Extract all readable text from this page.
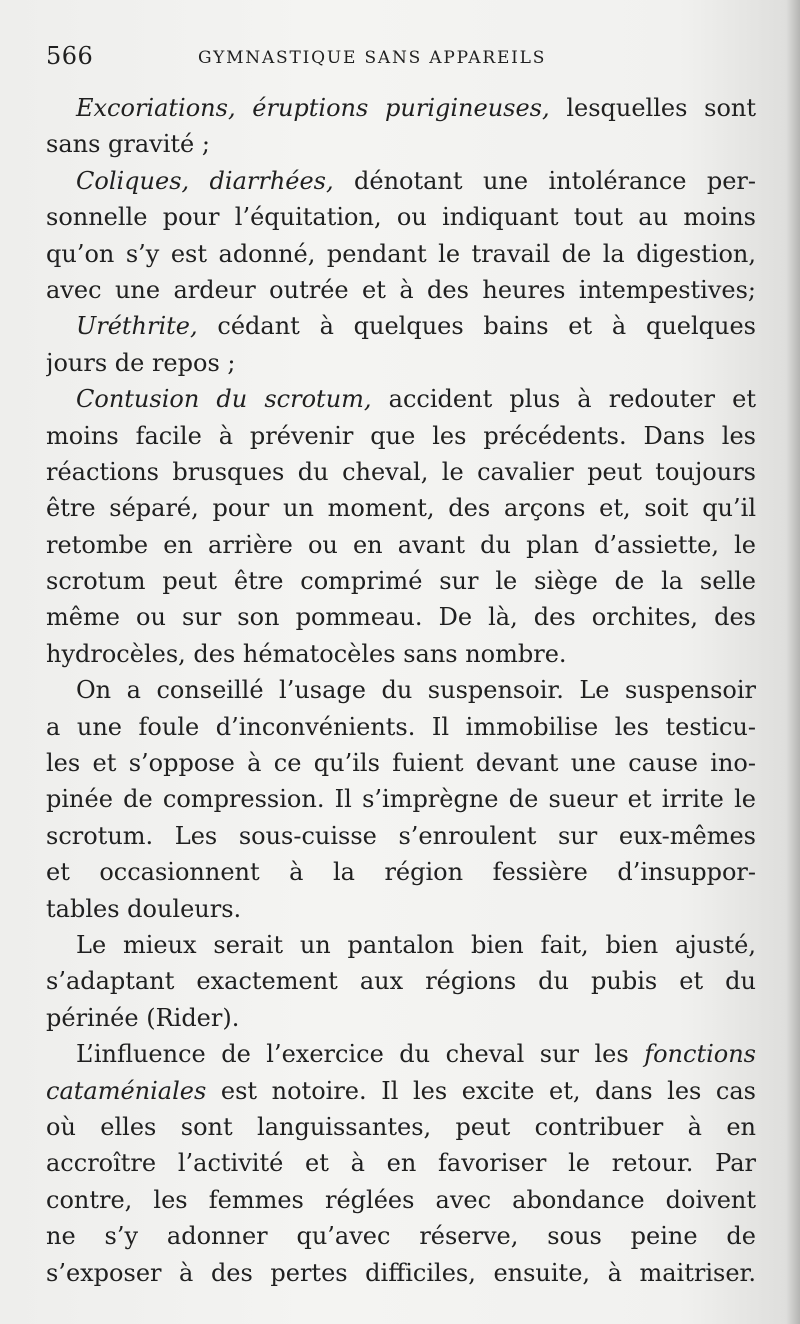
566	GYMNASTIQUE SANS APPAREILS
Excoriations, éruptions purigineuses, lesquelles sont
sans gravité ;
Coliques, diarrhées, dénotant une intolérance per-
sonnelle pour l’équitation, ou indiquant tout au moins
qu’on s’y est adonné, pendant le travail de la digestion,
avec une ardeur outrée et à des heures intempestives;
Uréthrite, cédant à quelques bains et à quelques
jours de repos ;
Contusion du scrotum, accident plus à redouter et
moins facile à prévenir que les précédents. Dans les
réactions brusques du cheval, le cavalier peut toujours
être séparé, pour un moment, des arçons et, soit qu’il
retombe en arrière ou en avant du plan d’assiette, le
scrotum peut être comprimé sur le siège de la selle
même ou sur son pommeau. De là, des orchites, des
hydrocèles, des hématocèles sans nombre.
On a conseillé l’usage du suspensoir. Le suspensoir
a une foule d’inconvénients. Il immobilise les testicu-
les et s’oppose à ce qu’ils fuient devant une cause ino-
pinée de compression. Il s’imprègne de sueur et irrite le
scrotum. Les sous-cuisse s’enroulent sur eux-mêmes
et occasionnent à la région fessière d’insuppor-
tables douleurs.
Le mieux serait un pantalon bien fait, bien ajusté,
s’adaptant exactement aux régions du pubis et du
périnée (Rider).
L’influence de l’exercice du cheval sur les fonctions
cataméniales est notoire. Il les excite et, dans les cas
où elles sont languissantes, peut contribuer à en
accroître l’activité et à en favoriser le retour. Par
contre, les femmes réglées avec abondance doivent
ne s’y adonner qu’avec réserve, sous peine de
s’exposer à des pertes difficiles, ensuite, à maitriser.
